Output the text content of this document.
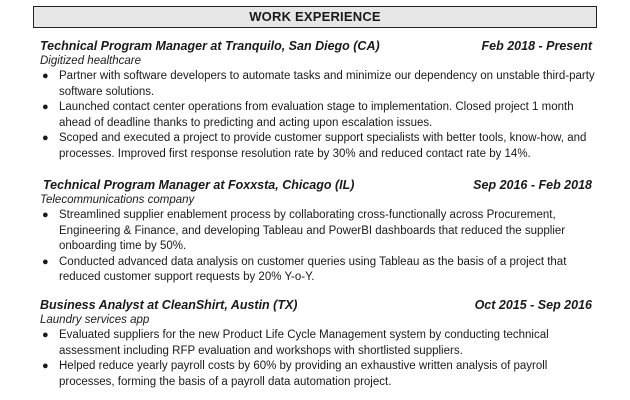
WORK EXPERIENCE
Technical Program Manager at Tranquilo, San Diego (CA)	Feb 2018 - Present
Digitized healthcare
● Partner with software developers to automate tasks and minimize our dependency on unstable third-party software solutions.
● Launched contact center operations from evaluation stage to implementation. Closed project 1 month ahead of deadline thanks to predicting and acting upon escalation issues.
● Scoped and executed a project to provide customer support specialists with better tools, know-how, and processes. Improved first response resolution rate by 30% and reduced contact rate by 14%.
Technical Program Manager at Foxxsta, Chicago (IL)	Sep 2016 - Feb 2018
Telecommunications company
● Streamlined supplier enablement process by collaborating cross-functionally across Procurement, Engineering & Finance, and developing Tableau and PowerBI dashboards that reduced the supplier onboarding time by 50%.
● Conducted advanced data analysis on customer queries using Tableau as the basis of a project that reduced customer support requests by 20% Y-o-Y.
Business Analyst at CleanShirt, Austin (TX)	Oct 2015 - Sep 2016
Laundry services app
● Evaluated suppliers for the new Product Life Cycle Management system by conducting technical assessment including RFP evaluation and workshops with shortlisted suppliers.
● Helped reduce yearly payroll costs by 60% by providing an exhaustive written analysis of payroll processes, forming the basis of a payroll data automation project.
